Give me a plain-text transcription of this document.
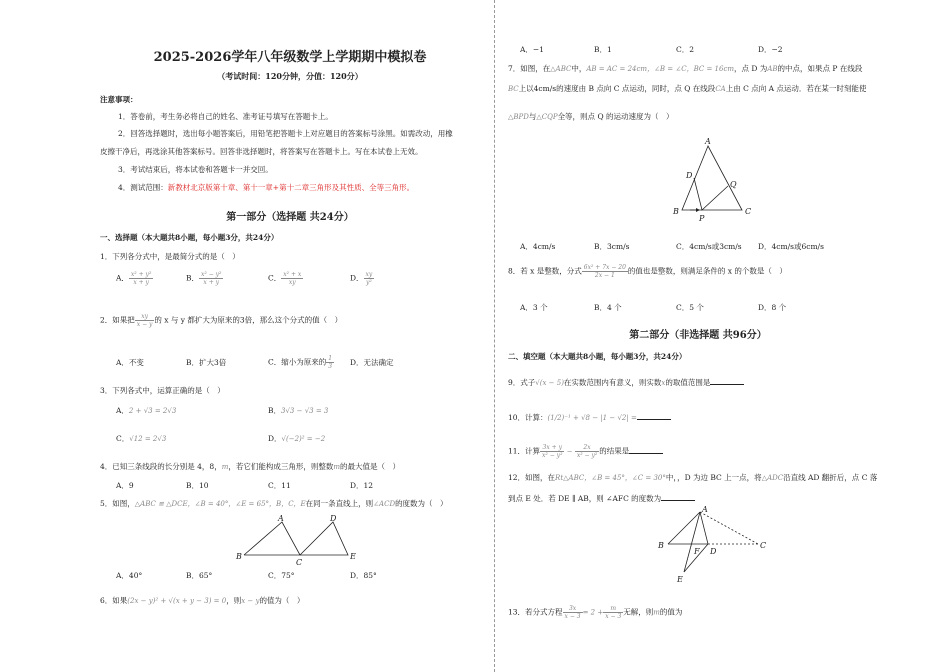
2025-2026学年八年级数学上学期期中模拟卷
（考试时间：120分钟，分值：120分）
注意事项：
1．答卷前，考生务必将自己的姓名、准考证号填写在答题卡上。
2．回答选择题时，选出每小题答案后，用铅笔把答题卡上对应题目的答案标号涂黑。如需改动，用橡
皮擦干净后，再选涂其他答案标号。回答非选择题时，将答案写在答题卡上。写在本试卷上无效。
3．考试结束后，将本试卷和答题卡一并交回。
4．测试范围：新教材北京版第十章、第十一章+第十二章三角形及其性质、全等三角形。
第一部分（选择题 共24分）
一、选择题（本大题共8小题，每小题3分，共24分）
1．下列各分式中，是最简分式的是（　）
A． $\frac{\text{x² + y²}}{x + y}$	B． $\frac{\text{x² − y²}}{x + y}$	C． $\frac{\text{x² + x}}{xy}$	D． $\frac{xy}{\text{y²}}$
2．如果把 $\frac{xy}{x - y}$ 的 x 与 y 都扩大为原来的3倍，那么这个分式的值（　）
A．不变	B．扩大3倍	C．缩小为原来的 $\frac{1}{3}$ D．无法确定
3．下列各式中，运算正确的是（　）
A．2 + √3 = 2√3	B．3√3 − √3 = 3
C．√12 = 2√3	D．√(−2)² = −2
4．已知三条线段的长分别是 4，8，m，若它们能构成三角形，则整数m的最大值是（　）
A．9	B．10	C．11	D．12
5．如图，△ABC ≌ △DCE，∠B = 40°，∠E = 65°，B，C，E在同一条直线上，则∠ACD的度数为（　）
A	D
B
C
E
A．40°	B．65°	C．75°	D．85°
6．如果(2x − y)² + √(x + y − 3) = 0，则x − y的值为（　）
A．−1	B．1	C．2	D．−2
7．如图，在△ABC中，AB = AC = 24cm，∠B = ∠C，BC = 16cm，点 D 为AB的中点，如果点 P 在线段
BC上以4cm/s的速度由 B 点向 C 点运动，同时，点 Q 在线段CA上由 C 点向 A 点运动．若在某一时刻能使
△BPD与△CQP全等，则点 Q 的运动速度为（　）
A
D
Q
B
P
C
A．4cm/s	B．3cm/s	C．4cm/s或3cm/s D．4cm/s或6cm/s
8．若 x 是整数，分式 $\frac{\text{6x² + 7x − 20}}{2x - 1}$ 的值也是整数，则满足条件的 x 的个数是（　）
A．3 个	B．4 个	C．5 个	D．8 个
第二部分（非选择题 共96分）
二、填空题（本大题共8小题，每小题3分，共24分）
9．式子√(x − 5)在实数范围内有意义，则实数x的取值范围是
10．计算：(1/2)⁻¹ + √8 − |1 − √2| =
11．计算 $\frac{3x + y}{\text{x² − y²}} - \frac{2x}{\text{x² − y²}}$ 的结果是
12．如图，在Rt△ABC，∠B = 45°，∠C = 30°中，，D 为边 BC 上一点，将△ADC沿直线 AD 翻折后，点 C 落
到点 E 处．若 DE ∥ AB，则 ∠AFC 的度数为
A
B
F D
C
E
13．若分式方程 $\frac{3x}{x - 3} = 2 + \frac{m}{x - 3}$ 无解，则m的值为
